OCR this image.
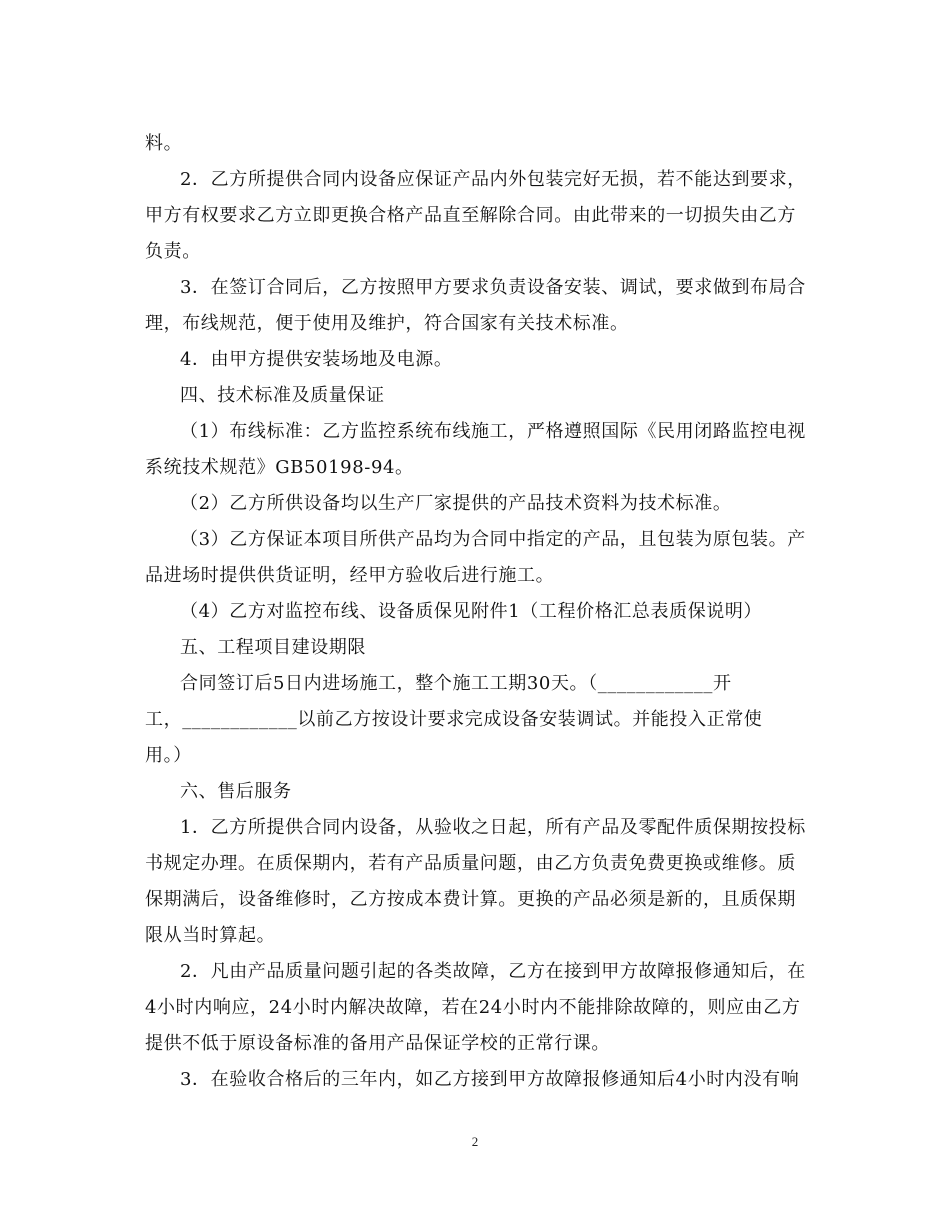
料。
2．乙方所提供合同内设备应保证产品内外包装完好无损，若不能达到要求，
甲方有权要求乙方立即更换合格产品直至解除合同。由此带来的一切损失由乙方
负责。
3．在签订合同后，乙方按照甲方要求负责设备安装、调试，要求做到布局合
理，布线规范，便于使用及维护，符合国家有关技术标准。
4．由甲方提供安装场地及电源。
四、技术标准及质量保证
（1）布线标准：乙方监控系统布线施工，严格遵照国际《民用闭路监控电视
系统技术规范》GB50198-94。
（2）乙方所供设备均以生产厂家提供的产品技术资料为技术标准。
（3）乙方保证本项目所供产品均为合同中指定的产品，且包装为原包装。产
品进场时提供供货证明，经甲方验收后进行施工。
（4）乙方对监控布线、设备质保见附件1（工程价格汇总表质保说明）
五、工程项目建设期限
合同签订后5日内进场施工，整个施工工期30天。（____________开
工，____________以前乙方按设计要求完成设备安装调试。并能投入正常使
用。）
六、售后服务
1．乙方所提供合同内设备，从验收之日起，所有产品及零配件质保期按投标
书规定办理。在质保期内，若有产品质量问题，由乙方负责免费更换或维修。质
保期满后，设备维修时，乙方按成本费计算。更换的产品必须是新的，且质保期
限从当时算起。
2．凡由产品质量问题引起的各类故障，乙方在接到甲方故障报修通知后，在
4小时内响应，24小时内解决故障，若在24小时内不能排除故障的，则应由乙方
提供不低于原设备标准的备用产品保证学校的正常行课。
3．在验收合格后的三年内，如乙方接到甲方故障报修通知后4小时内没有响
2
